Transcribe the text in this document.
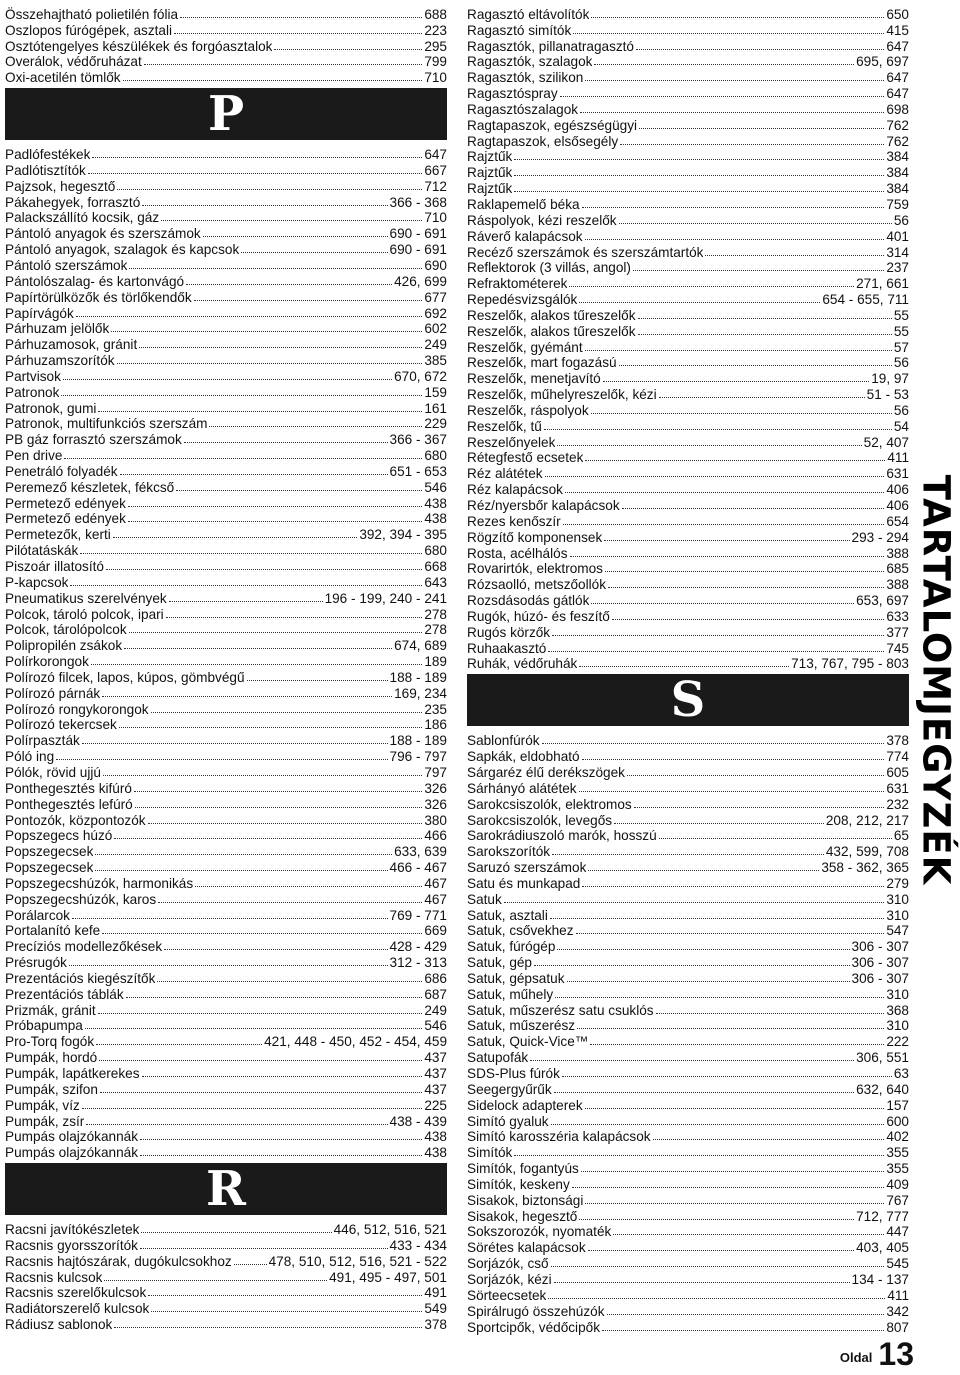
Összehajtható polietilén fólia	688
Oszlopos fúrógépek, asztali	223
Osztótengelyes készülékek és forgóasztalok	295
Overálok, védőruházat	799
Oxi-acetilén tömlők	710
P
Padlófestékek	647
Padlótisztítók	667
Pajzsok, hegesztő	712
Pákahegyek, forrasztó	366 - 368
Palackszállító kocsik, gáz	710
Pántoló anyagok és szerszámok	690 - 691
Pántoló anyagok, szalagok és kapcsok	690 - 691
Pántoló szerszámok	690
Pántolószalag- és kartonvágó	426, 699
Papírtörülközők és törlőkendők	677
Papírvágók	692
Párhuzam jelölők	602
Párhuzamosok, gránit	249
Párhuzamszorítók	385
Partvisok	670, 672
Patronok	159
Patronok, gumi	161
Patronok, multifunkciós szerszám	229
PB gáz forrasztó szerszámok	366 - 367
Pen drive	680
Penetráló folyadék	651 - 653
Peremező készletek, fékcső	546
Permetező edények	438
Permetező edények	438
Permetezők, kerti	392, 394 - 395
Pilótatáskák	680
Piszoár illatosító	668
P-kapcsok	643
Pneumatikus szerelvények	196 - 199, 240 - 241
Polcok, tároló polcok, ipari	278
Polcok, tárolópolcok	278
Polipropilén zsákok	674, 689
Polírkorongok	189
Polírozó filcek, lapos, kúpos, gömbvégű	188 - 189
Polírozó párnák	169, 234
Polírozó rongykorongok	235
Polírozó tekercsek	186
Polírpaszták	188 - 189
Póló ing	796 - 797
Pólók, rövid ujjú	797
Ponthegesztés kifúró	326
Ponthegesztés lefúró	326
Pontozók, központozók	380
Popszegecs húzó	466
Popszegecsek	633, 639
Popszegecsek	466 - 467
Popszegecshúzók, harmonikás	467
Popszegecshúzók, karos	467
Porálarcok	769 - 771
Portalanító kefe	669
Precíziós modellezőkések	428 - 429
Présrugók	312 - 313
Prezentációs kiegészítők	686
Prezentációs táblák	687
Prizmák, gránit	249
Próbapumpa	546
Pro-Torq fogók	421, 448 - 450, 452 - 454, 459
Pumpák, hordó	437
Pumpák, lapátkerekes	437
Pumpák, szifon	437
Pumpák, víz	225
Pumpák, zsír	438 - 439
Pumpás olajzókannák	438
Pumpás olajzókannák	438
R
Racsni javítókészletek	446, 512, 516, 521
Racsnis gyorsszorítók	433 - 434
Racsnis hajtószárak, dugókulcsokhoz	478, 510, 512, 516, 521 - 522
Racsnis kulcsok	491, 495 - 497, 501
Racsnis szerelőkulcsok	491
Radiátorszerelő kulcsok	549
Rádiusz sablonok	378
Ragasztó eltávolítók	650
Ragasztó simítók	415
Ragasztók, pillanatragasztó	647
Ragasztók, szalagok	695, 697
Ragasztók, szilikon	647
Ragasztóspray	647
Ragasztószalagok	698
Ragtapaszok, egészségügyi	762
Ragtapaszok, elsősegély	762
Rajztűk	384
Rajztűk	384
Rajztűk	384
Raklapemelő béka	759
Ráspolyok, kézi reszelők	56
Ráverő kalapácsok	401
Recéző szerszámok és szerszámtartók	314
Reflektorok (3 villás, angol)	237
Refraktométerek	271, 661
Repedésvizsgálók	654 - 655, 711
Reszelők, alakos tűreszelők	55
Reszelők, alakos tűreszelők	55
Reszelők, gyémánt	57
Reszelők, mart fogazású	56
Reszelők, menetjavító	19, 97
Reszelők, műhelyreszelők, kézi	51 - 53
Reszelők, ráspolyok	56
Reszelők, tű	54
Reszelőnyelek	52, 407
Rétegfestő ecsetek	411
Réz alátétek	631
Réz kalapácsok	406
Réz/nyersbőr kalapácsok	406
Rezes kenőszír	654
Rögzítő komponensek	293 - 294
Rosta, acélhálós	388
Rovarirtók, elektromos	685
Rózsaolló, metszőollók	388
Rozsdásodás gátlók	653, 697
Rugók, húzó- és feszítő	633
Rugós körzők	377
Ruhaakasztó	745
Ruhák, védőruhák	713, 767, 795 - 803
S
Sablonfúrók	378
Sapkák, eldobható	774
Sárgaréz élű derékszögek	605
Sárhányó alátétek	631
Sarokcsiszolók, elektromos	232
Sarokcsiszolók, levegős	208, 212, 217
Sarokrádiuszoló marók, hosszú	65
Sarokszorítók	432, 599, 708
Saruzó szerszámok	358 - 362, 365
Satu és munkapad	279
Satuk	310
Satuk, asztali	310
Satuk, csővekhez	547
Satuk, fúrógép	306 - 307
Satuk, gép	306 - 307
Satuk, gépsatuk	306 - 307
Satuk, műhely	310
Satuk, műszerész satu csuklós	368
Satuk, műszerész	310
Satuk, Quick-Vice™	222
Satupofák	306, 551
SDS-Plus fúrók	63
Seegergyűrűk	632, 640
Sidelock adapterek	157
Simító gyaluk	600
Simító karosszéria kalapácsok	402
Simítók	355
Simítók, fogantyús	355
Simítók, keskeny	409
Sisakok, biztonsági	767
Sisakok, hegesztő	712, 777
Sokszorozók, nyomaték	447
Sörétes kalapácsok	403, 405
Sorjázók, cső	545
Sorjázók, kézi	134 - 137
Sörteecsetek	411
Spirálrugó összehúzók	342
Sportcipők, védőcipők	807
TARTALOMJEGYZÉK
Oldal 13
